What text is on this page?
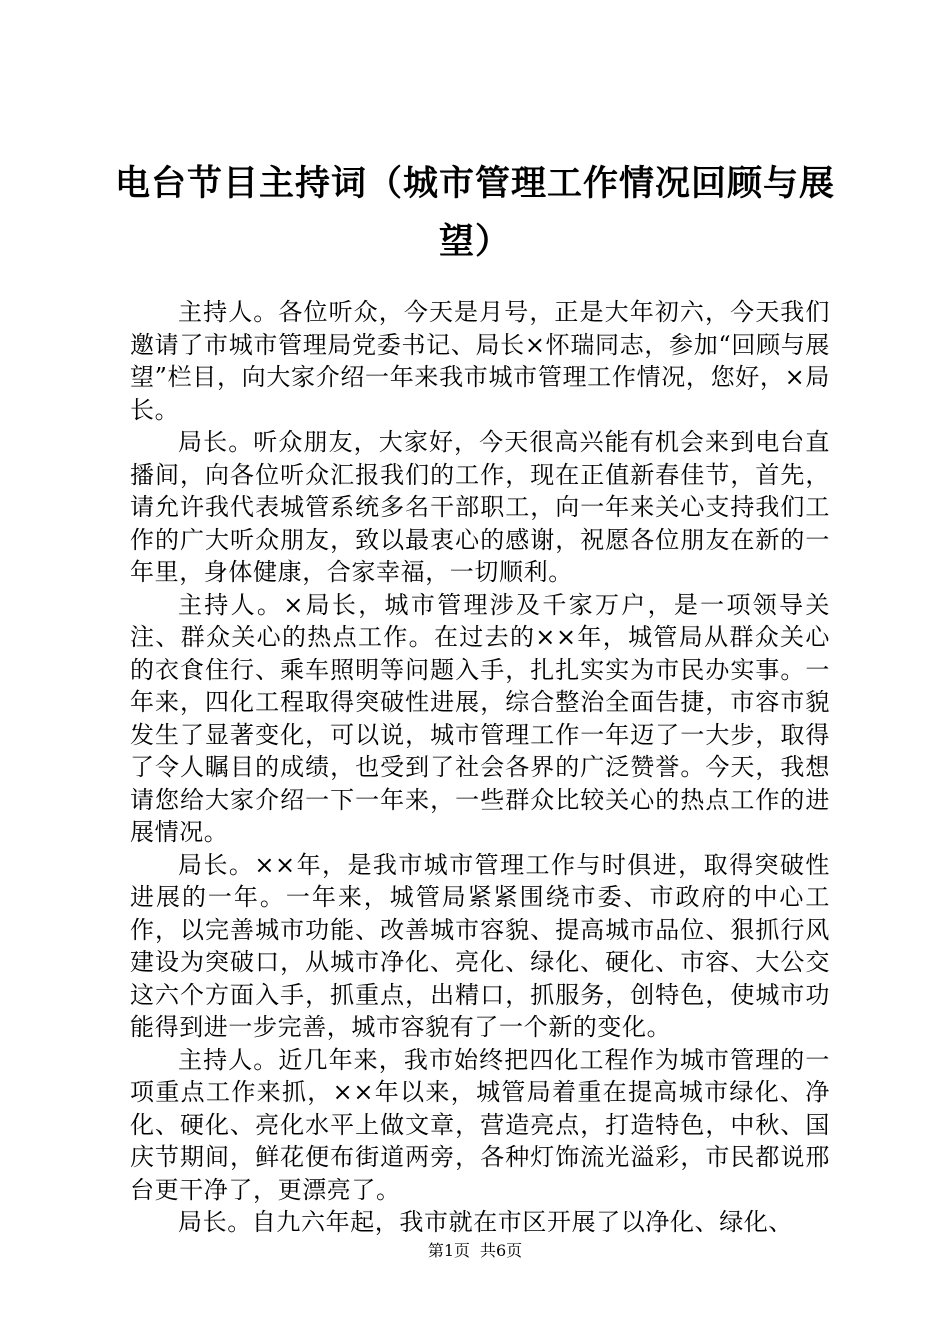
电台节目主持词（城市管理工作情况回顾与展望）

主持人。各位听众，今天是月号，正是大年初六，今天我们邀请了市城市管理局党委书记、局长×怀瑞同志，参加“回顾与展望”栏目，向大家介绍一年来我市城市管理工作情况，您好，×局长。

局长。听众朋友，大家好，今天很高兴能有机会来到电台直播间，向各位听众汇报我们的工作，现在正值新春佳节，首先，请允许我代表城管系统多名干部职工，向一年来关心支持我们工作的广大听众朋友，致以最衷心的感谢，祝愿各位朋友在新的一年里，身体健康，合家幸福，一切顺利。

主持人。×局长，城市管理涉及千家万户，是一项领导关注、群众关心的热点工作。在过去的××年，城管局从群众关心的衣食住行、乘车照明等问题入手，扎扎实实为市民办实事。一年来，四化工程取得突破性进展，综合整治全面告捷，市容市貌发生了显著变化，可以说，城市管理工作一年迈了一大步，取得了令人瞩目的成绩，也受到了社会各界的广泛赞誉。今天，我想请您给大家介绍一下一年来，一些群众比较关心的热点工作的进展情况。

局长。××年，是我市城市管理工作与时俱进，取得突破性进展的一年。一年来，城管局紧紧围绕市委、市政府的中心工作，以完善城市功能、改善城市容貌、提高城市品位、狠抓行风建设为突破口，从城市净化、亮化、绿化、硬化、市容、大公交这六个方面入手，抓重点，出精口，抓服务，创特色，使城市功能得到进一步完善，城市容貌有了一个新的变化。

主持人。近几年来，我市始终把四化工程作为城市管理的一项重点工作来抓，××年以来，城管局着重在提高城市绿化、净化、硬化、亮化水平上做文章，营造亮点，打造特色，中秋、国庆节期间，鲜花便布街道两旁，各种灯饰流光溢彩，市民都说邢台更干净了，更漂亮了。

局长。自九六年起，我市就在市区开展了以净化、绿化、

第1页 共6页
